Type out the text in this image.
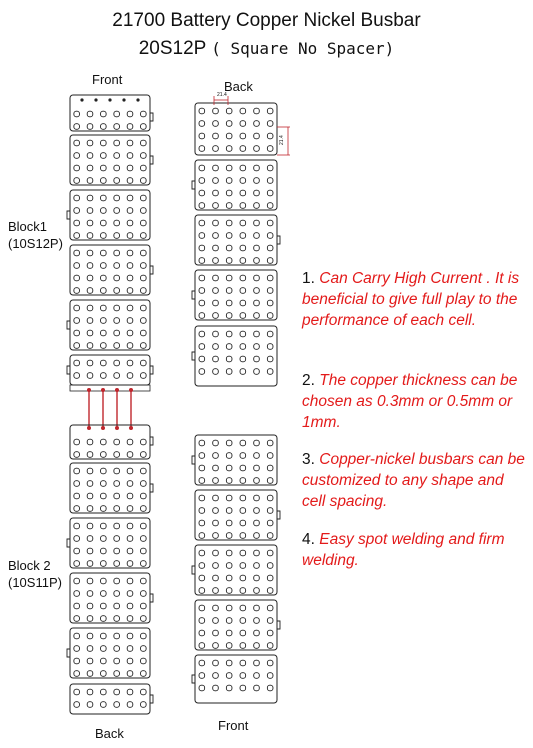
21700 Battery Copper Nickel Busbar
20S12P ( Square No Spacer)
Front	Back
Block1
(10S12P)
Block 2
(10S11P)
Back
Front
21.4
21.4
1. Can Carry High Current . It is beneficial to give full play to the performance of each cell.
2. The copper thickness can be chosen as 0.3mm or 0.5mm or 1mm.
3. Copper-nickel busbars can be customized to any shape and cell spacing.
4. Easy spot welding and firm welding.
